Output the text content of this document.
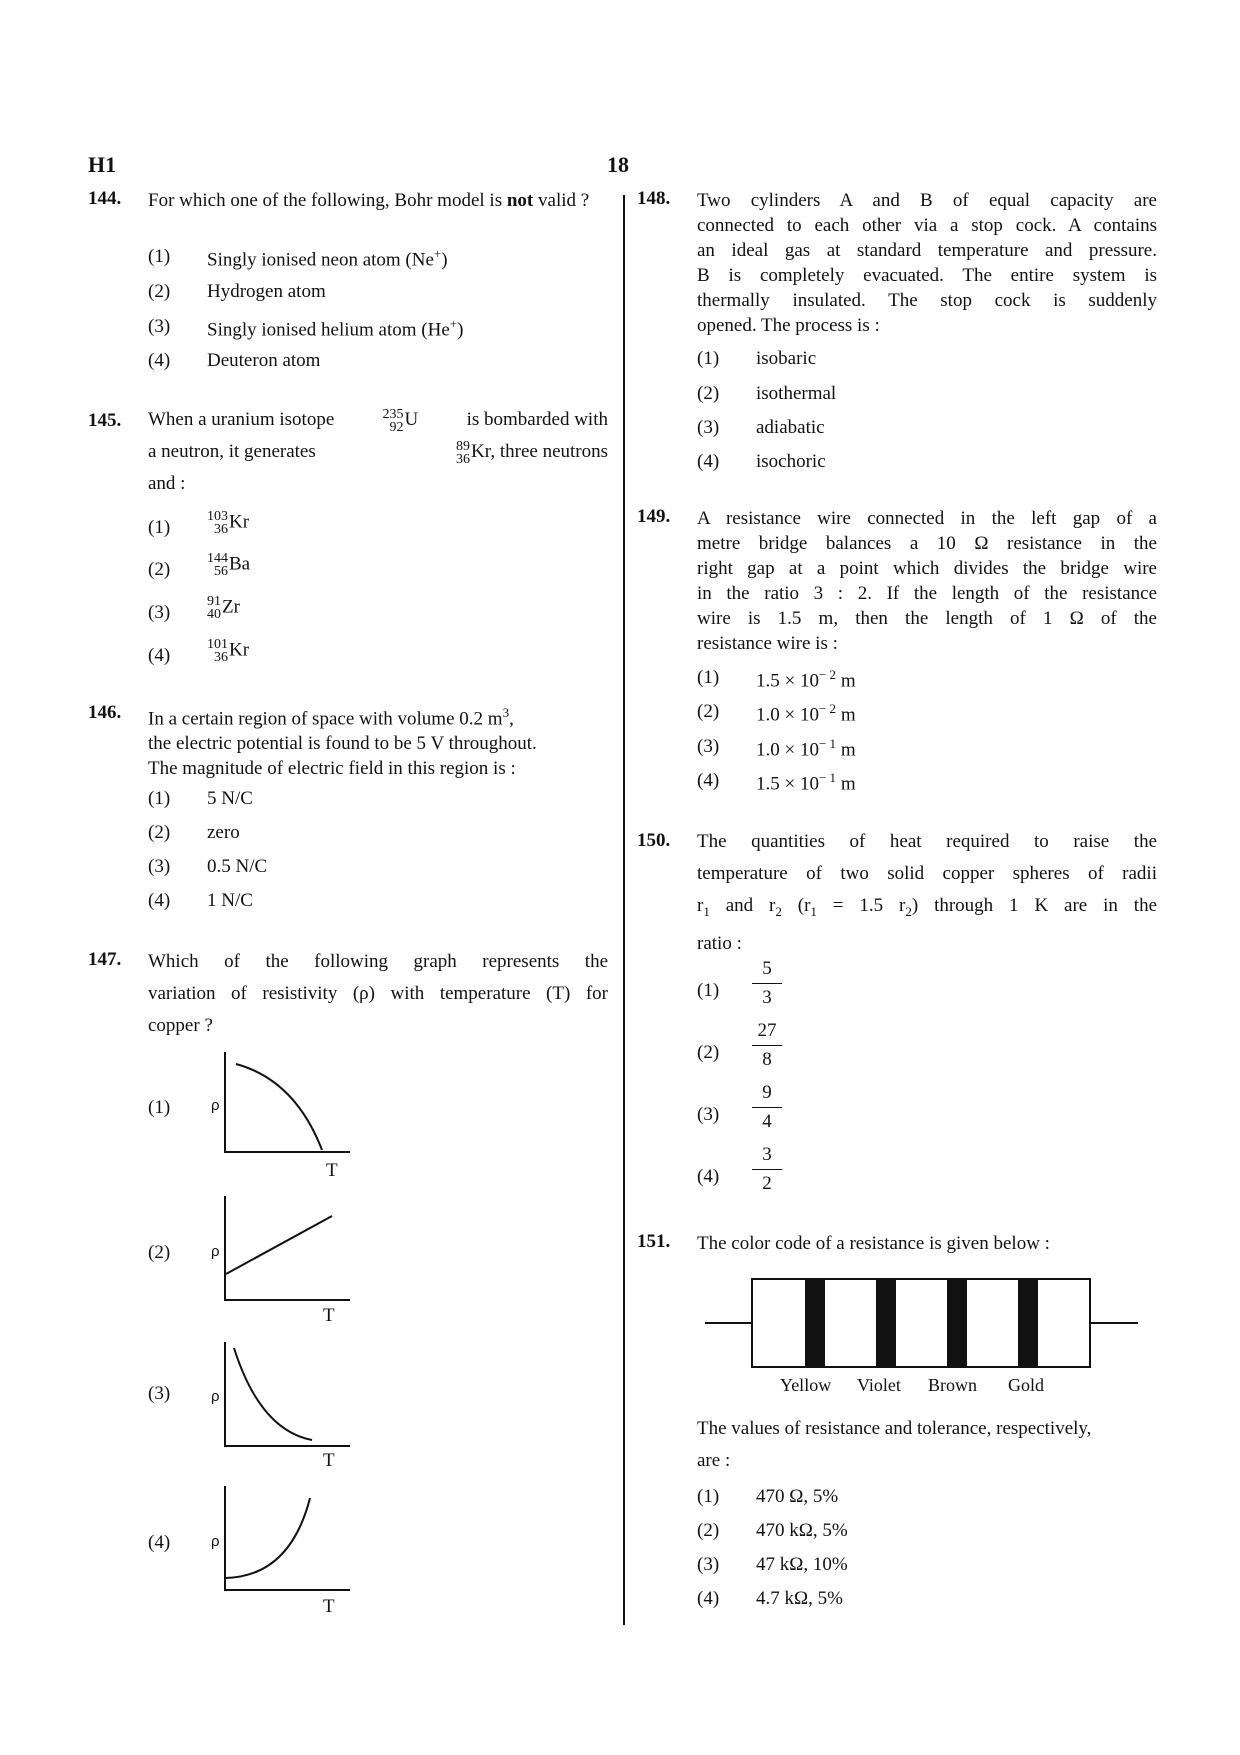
H1	18
144. For which one of the following, Bohr model is not valid ?
(1) Singly ionised neon atom (Ne+)
(2) Hydrogen atom
(3) Singly ionised helium atom (He+)
(4) Deuteron atom
145. When a uranium isotope	235
92 U	is bombarded with
a neutron, it generates	89
36 Kr, three neutrons
and :
(1)
103
36 Kr
(2)
144
56 Ba
(3)
91
40 Zr
(4)
101
36 Kr
146. In a certain region of space with volume 0.2 $m^3$,
the electric potential is found to be 5 V throughout.
The magnitude of electric field in this region is :
(1) 5 N/C
(2) zero
(3) 0.5 N/C
(4) 1 N/C
147. Which of the following graph represents the
variation of resistivity (ρ) with temperature (T) for
copper ?
(1)	ρ
T
(2)	ρ
T
(3)	ρ
T
(4)	ρ
T
148. Two cylinders A and B of equal capacity are
connected to each other via a stop cock. A contains
an ideal gas at standard temperature and pressure.
B is completely evacuated. The entire system is
thermally insulated. The stop cock is suddenly
opened. The process is :
(1) isobaric
(2) isothermal
(3) adiabatic
(4) isochoric
149. A resistance wire connected in the left gap of a
metre bridge balances a 10 Ω resistance in the
right gap at a point which divides the bridge wire
in the ratio 3 : 2. If the length of the resistance
wire is 1.5 m, then the length of 1 Ω of the
resistance wire is :
(1) $1.5 \times 10^{- 2}$ m
(2) $1.0 \times 10^{- 2}$ m
(3) $1.0 \times 10^{- 1}$ m
(4) $1.5 \times 10^{- 1}$ m
150. The quantities of heat required to raise the
temperature of two solid copper spheres of radii
$r_1$ and $r_2$ ($r_1 = 1.5$ $r_2$) through 1 K are in the
ratio :
$(1) \frac{5}{3}$
$(2) \frac{27}{8}$
$(3) \frac{9}{4}$
$(4) \frac{3}{2}$
151. The color code of a resistance is given below :
Yellow Violet Brown Gold
The values of resistance and tolerance, respectively,
are :
(1) 470 Ω, 5%
(2) 470 kΩ, 5%
(3) 47 kΩ, 10%
(4) 4.7 kΩ, 5%
